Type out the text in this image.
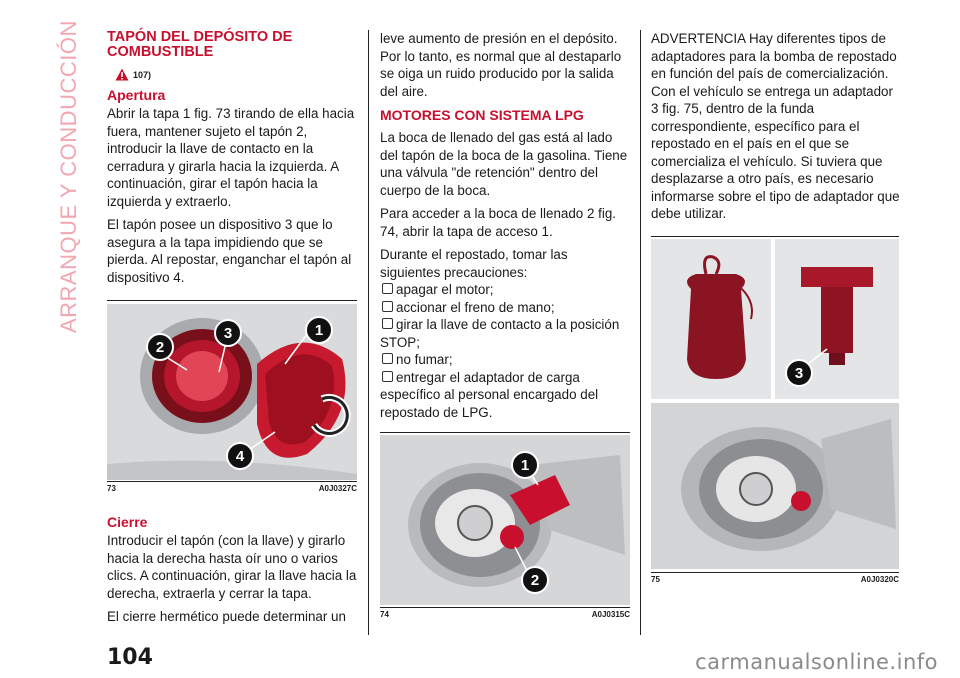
ARRANQUE Y CONDUCCIÓN TAPÓN DEL DEPÓSITO DE COMBUSTIBLE
107)
Apertura

Abrir la tapa 1 fig. 73 tirando de ella hacia fuera, mantener sujeto el tapón 2, introducir la llave de contacto en la cerradura y girarla hacia la izquierda. A continuación, girar el tapón hacia la izquierda y extraerlo.

El tapón posee un dispositivo 3 que lo asegura a la tapa impidiendo que se pierda. Al repostar, enganchar el tapón al dispositivo 4.

1
2
3
4
73	A0J0327C
Cierre

Introducir el tapón (con la llave) y girarlo hacia la derecha hasta oír uno o varios clics. A continuación, girar la llave hacia la derecha, extraerla y cerrar la tapa.

El cierre hermético puede determinar un

leve aumento de presión en el depósito. Por lo tanto, es normal que al destaparlo se oiga un ruido producido por la salida del aire.

MOTORES CON SISTEMA LPG

La boca de llenado del gas está al lado del tapón de la boca de la gasolina. Tiene una válvula "de retención" dentro del cuerpo de la boca.

Para acceder a la boca de llenado 2 fig. 74, abrir la tapa de acceso 1.

Durante el repostado, tomar las siguientes precauciones:

apagar el motor;
accionar el freno de mano;
girar la llave de contacto a la posición STOP;
no fumar;
entregar el adaptador de carga específico al personal encargado del repostado de LPG.
1
2
74	A0J0315C

ADVERTENCIA Hay diferentes tipos de adaptadores para la bomba de repostado en función del país de comercialización. Con el vehículo se entrega un adaptador 3 fig. 75, dentro de la funda correspondiente, específico para el repostado en el país en el que se comercializa el vehículo. Si tuviera que desplazarse a otro país, es necesario informarse sobre el tipo de adaptador que debe utilizar.

3
75	A0J0320C
104	carmanualsonline.info
